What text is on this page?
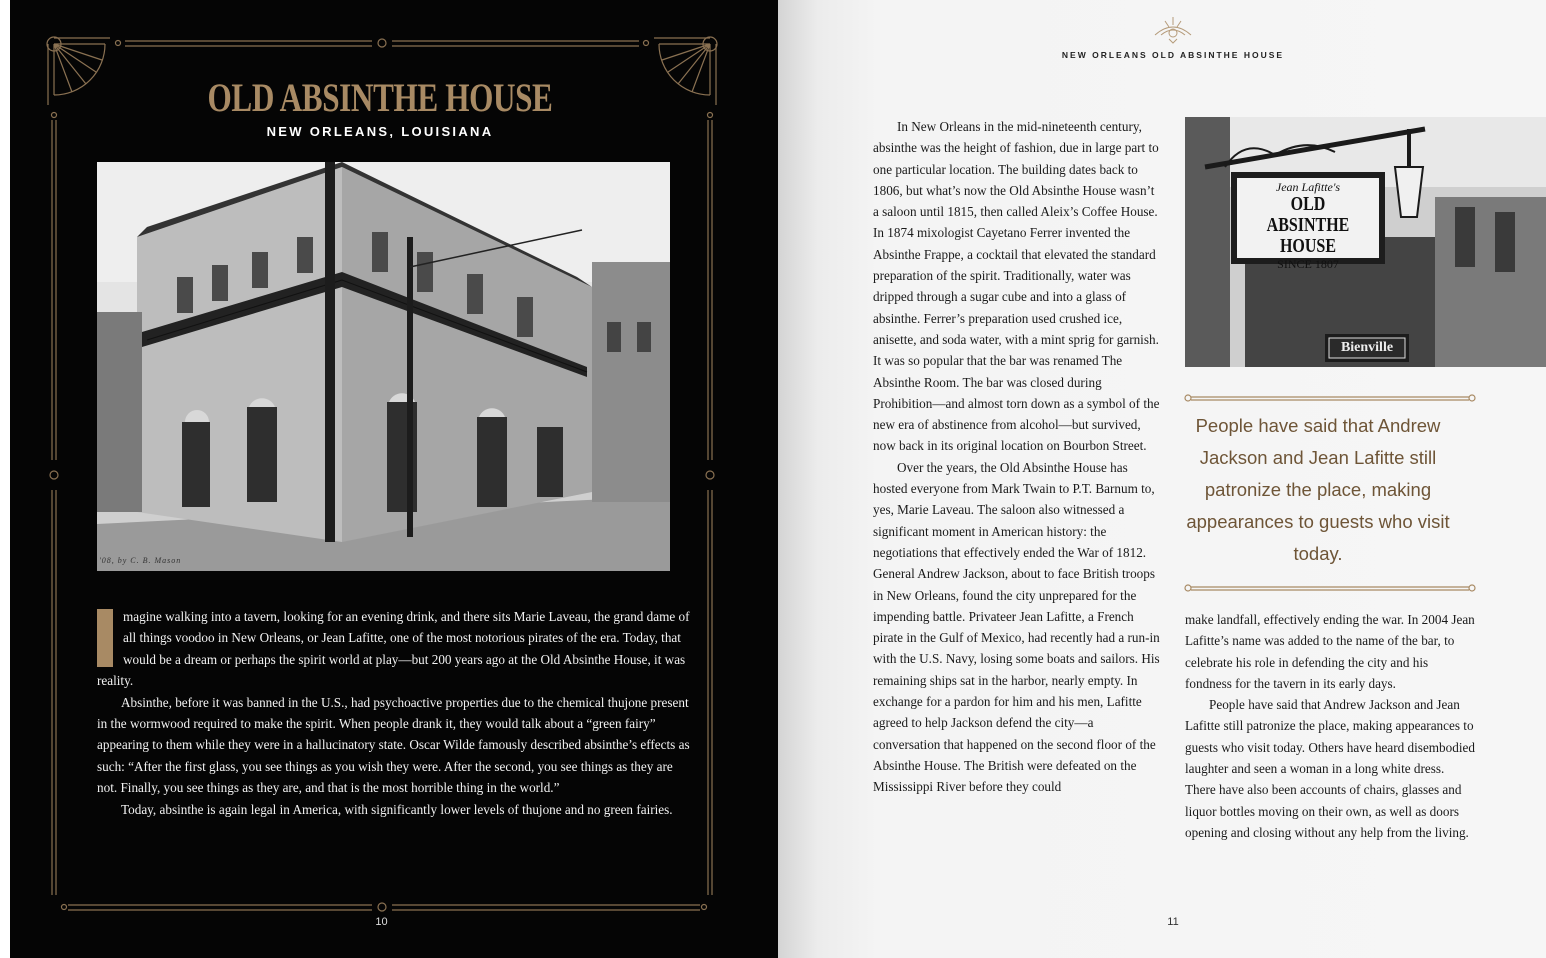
OLD ABSINTHE HOUSE
NEW ORLEANS, LOUISIANA
'08, by C. B. Mason

I	magine walking into a tavern, looking for an evening drink, and there sits Marie Laveau, the grand dame of all things voodoo in New Orleans, or Jean Lafitte, one of the most notorious pirates of the era. Today, that would be a dream or perhaps the spirit world at play—but 200 years ago at the Old Absinthe House, it was reality.

Absinthe, before it was banned in the U.S., had psychoactive properties due to the chemical thujone present in the wormwood required to make the spirit. When people drank it, they would talk about a “green fairy” appearing to them while they were in a hallucinatory state. Oscar Wilde famously described absinthe’s effects as such: “After the first glass, you see things as you wish they were. After the second, you see things as they are not. Finally, you see things as they are, and that is the most horrible thing in the world.”

Today, absinthe is again legal in America, with significantly lower levels of thujone and no green fairies.

10
NEW ORLEANS OLD ABSINTHE HOUSE

In New Orleans in the mid-nineteenth century, absinthe was the height of fashion, due in large part to one particular location. The building dates back to 1806, but what’s now the Old Absinthe House wasn’t a saloon until 1815, then called Aleix’s Coffee House. In 1874 mixologist Cayetano Ferrer invented the Absinthe Frappe, a cocktail that elevated the standard preparation of the spirit. Traditionally, water was dripped through a sugar cube and into a glass of absinthe. Ferrer’s preparation used crushed ice, anisette, and soda water, with a mint sprig for garnish. It was so popular that the bar was renamed The Absinthe Room. The bar was closed during Prohibition—and almost torn down as a symbol of the new era of abstinence from alcohol—but survived, now back in its original location on Bourbon Street.

Over the years, the Old Absinthe House has hosted everyone from Mark Twain to P.T. Barnum to, yes, Marie Laveau. The saloon also witnessed a significant moment in American history: the negotiations that effectively ended the War of 1812. General Andrew Jackson, about to face British troops in New Orleans, found the city unprepared for the impending battle. Privateer Jean Lafitte, a French pirate in the Gulf of Mexico, had recently had a run-in with the U.S. Navy, losing some boats and sailors. His remaining ships sat in the harbor, nearly empty. In exchange for a pardon for him and his men, Lafitte agreed to help Jackson defend the city—a conversation that happened on the second floor of the Absinthe House. The British were defeated on the Mississippi River before they could

Jean Lafitte's
OLD ABSINTHE
HOUSE
SINCE 1807
Bienville
People have said that Andrew Jackson and Jean Lafitte still patronize the place, making appearances to guests who visit today.

make landfall, effectively ending the war. In 2004 Jean Lafitte’s name was added to the name of the bar, to celebrate his role in defending the city and his fondness for the tavern in its early days.

People have said that Andrew Jackson and Jean Lafitte still patronize the place, making appearances to guests who visit today. Others have heard disembodied laughter and seen a woman in a long white dress. There have also been accounts of chairs, glasses and liquor bottles moving on their own, as well as doors opening and closing without any help from the living.

11
